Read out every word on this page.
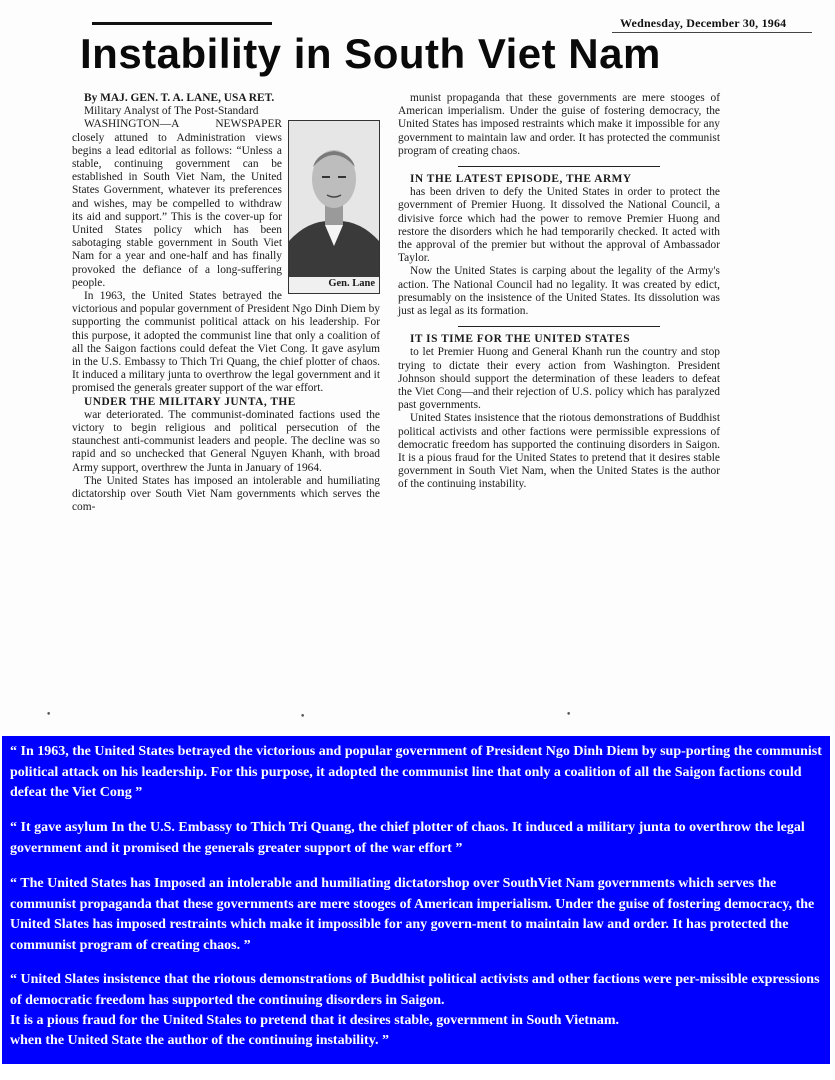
Wednesday, December 30, 1964
Instability in South Viet Nam

By MAJ. GEN. T. A. LANE, USA RET.

Military Analyst of The Post-Standard

Gen. Lane

WASHINGTON—A NEWSPAPER closely attuned to Administration views begins a lead editorial as follows: “Unless a stable, continuing government can be established in South Viet Nam, the United States Government, whatever its preferences and wishes, may be compelled to withdraw its aid and support.” This is the cover-up for United States policy which has been sabotaging stable government in South Viet Nam for a year and one-half and has finally provoked the defiance of a long-suffering people.

In 1963, the United States betrayed the victorious and popular government of President Ngo Dinh Diem by supporting the communist political attack on his leadership. For this purpose, it adopted the communist line that only a coalition of all the Saigon factions could defeat the Viet Cong. It gave asylum in the U.S. Embassy to Thich Tri Quang, the chief plotter of chaos. It induced a military junta to overthrow the legal government and it promised the generals greater support of the war effort.

UNDER THE MILITARY JUNTA, THE

war deteriorated. The communist-dominated factions used the victory to begin religious and political persecution of the staunchest anti-communist leaders and people. The decline was so rapid and so unchecked that General Nguyen Khanh, with broad Army support, overthrew the Junta in January of 1964.

The United States has imposed an intolerable and humiliating dictatorship over South Viet Nam governments which serves the com-

munist propaganda that these governments are mere stooges of American imperialism. Under the guise of fostering democracy, the United States has imposed restraints which make it impossible for any government to maintain law and order. It has protected the communist program of creating chaos.

IN THE LATEST EPISODE, THE ARMY

has been driven to defy the United States in order to protect the government of Premier Huong. It dissolved the National Council, a divisive force which had the power to remove Premier Huong and restore the disorders which he had temporarily checked. It acted with the approval of the premier but without the approval of Ambassador Taylor.

Now the United States is carping about the legality of the Army's action. The National Council had no legality. It was created by edict, presumably on the insistence of the United States. Its dissolution was just as legal as its formation.

IT IS TIME FOR THE UNITED STATES

to let Premier Huong and General Khanh run the country and stop trying to dictate their every action from Washington. President Johnson should support the determination of these leaders to defeat the Viet Cong—and their rejection of U.S. policy which has paralyzed past governments.

United States insistence that the riotous demonstrations of Buddhist political activists and other factions were permissible expressions of democratic freedom has supported the continuing disorders in Saigon. It is a pious fraud for the United States to pretend that it desires stable government in South Viet Nam, when the United States is the author of the continuing instability.

•	•	•

“ In 1963, the United States betrayed the victorious and popular government of President Ngo Dinh Diem by sup-porting the communist political attack on his leadership. For this purpose, it adopted the communist line that only a coalition of all the Saigon factions could defeat the Viet Cong ”

“ It gave asylum In the U.S. Embassy to Thich Tri Quang, the chief plotter of chaos. It induced a military junta to overthrow the legal government and it promised the generals greater support of the war effort ”

“ The United States has Imposed an intolerable and humiliating dictatorshop over SouthViet Nam governments which serves the communist propaganda that these governments are mere stooges of American imperialism. Under the guise of fostering democracy, the United Slates has imposed restraints which make it impossible for any govern-ment to maintain law and order. It has protected the communist program of creating chaos. ”

“ United Slates insistence that the riotous demonstrations of Buddhist political activists and other factions were per-missible expressions of democratic freedom has supported the continuing disorders in Saigon.

It is a pious fraud for the United Stales to pretend that it desires stable, government in South Vietnam.

when the United State the author of the continuing instability. ”
